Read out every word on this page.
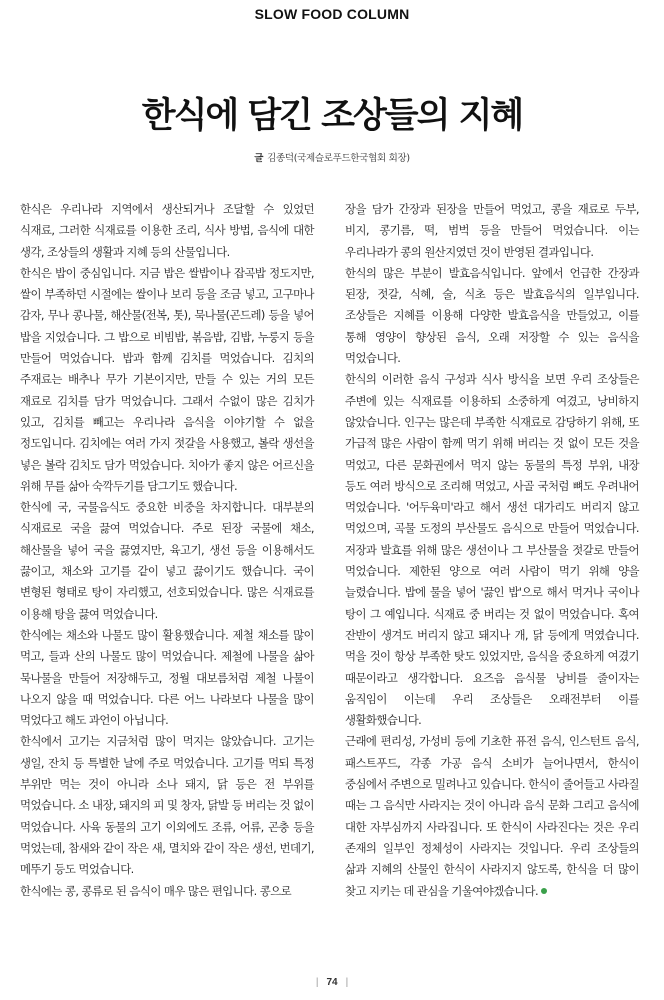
SLOW FOOD COLUMN
한식에 담긴 조상들의 지혜
글 김종덕(국제슬로푸드한국협회 회장)

한식은 우리나라 지역에서 생산되거나 조달할 수 있었던 식재료, 그러한 식재료를 이용한 조리, 식사 방법, 음식에 대한 생각, 조상들의 생활과 지혜 등의 산물입니다.

한식은 밥이 중심입니다. 지금 밥은 쌀밥이나 잡곡밥 정도지만, 쌀이 부족하던 시절에는 쌀이나 보리 등을 조금 넣고, 고구마나 감자, 무나 콩나물, 해산물(전복, 톳), 묵나물(곤드레) 등을 넣어 밥을 지었습니다. 그 밥으로 비빔밥, 볶음밥, 김밥, 누룽지 등을 만들어 먹었습니다. 밥과 함께 김치를 먹었습니다. 김치의 주재료는 배추나 무가 기본이지만, 만들 수 있는 거의 모든 재료로 김치를 담가 먹었습니다. 그래서 수없이 많은 김치가 있고, 김치를 빼고는 우리나라 음식을 이야기할 수 없을 정도입니다. 김치에는 여러 가지 젓갈을 사용했고, 볼락 생선을 넣은 볼락 김치도 담가 먹었습니다. 치아가 좋지 않은 어르신을 위해 무를 삶아 숙깍두기를 담그기도 했습니다.

한식에 국, 국물음식도 중요한 비중을 차지합니다. 대부분의 식재료로 국을 끓여 먹었습니다. 주로 된장 국물에 채소, 해산물을 넣어 국을 끓였지만, 육고기, 생선 등을 이용해서도 끓이고, 채소와 고기를 같이 넣고 끓이기도 했습니다. 국이 변형된 형태로 탕이 자리했고, 선호되었습니다. 많은 식재료를 이용해 탕을 끓여 먹었습니다.

한식에는 채소와 나물도 많이 활용했습니다. 제철 채소를 많이 먹고, 들과 산의 나물도 많이 먹었습니다. 제철에 나물을 삶아 묵나물을 만들어 저장해두고, 정월 대보름처럼 제철 나물이 나오지 않을 때 먹었습니다. 다른 어느 나라보다 나물을 많이 먹었다고 해도 과언이 아닙니다.

한식에서 고기는 지금처럼 많이 먹지는 않았습니다. 고기는 생일, 잔치 등 특별한 날에 주로 먹었습니다. 고기를 먹되 특정 부위만 먹는 것이 아니라 소나 돼지, 닭 등은 전 부위를 먹었습니다. 소 내장, 돼지의 피 및 창자, 닭발 등 버리는 것 없이 먹었습니다. 사육 동물의 고기 이외에도 조류, 어류, 곤충 등을 먹었는데, 참새와 같이 작은 새, 멸치와 같이 작은 생선, 번데기, 메뚜기 등도 먹었습니다.

한식에는 콩, 콩류로 된 음식이 매우 많은 편입니다. 콩으로

장을 담가 간장과 된장을 만들어 먹었고, 콩을 재료로 두부, 비지, 콩기름, 떡, 범벅 등을 만들어 먹었습니다. 이는 우리나라가 콩의 원산지였던 것이 반영된 결과입니다.

한식의 많은 부분이 발효음식입니다. 앞에서 언급한 간장과 된장, 젓갈, 식혜, 술, 식초 등은 발효음식의 일부입니다. 조상들은 지혜를 이용해 다양한 발효음식을 만들었고, 이를 통해 영양이 향상된 음식, 오래 저장할 수 있는 음식을 먹었습니다.

한식의 이러한 음식 구성과 식사 방식을 보면 우리 조상들은 주변에 있는 식재료를 이용하되 소중하게 여겼고, 낭비하지 않았습니다. 인구는 많은데 부족한 식재료로 감당하기 위해, 또 가급적 많은 사람이 함께 먹기 위해 버리는 것 없이 모든 것을 먹었고, 다른 문화권에서 먹지 않는 동물의 특정 부위, 내장 등도 여러 방식으로 조리해 먹었고, 사골 국처럼 뼈도 우려내어 먹었습니다. '어두육미'라고 해서 생선 대가리도 버리지 않고 먹었으며, 곡물 도정의 부산물도 음식으로 만들어 먹었습니다. 저장과 발효를 위해 많은 생선이나 그 부산물을 젓갈로 만들어 먹었습니다. 제한된 양으로 여러 사람이 먹기 위해 양을 늘렸습니다. 밥에 물을 넣어 '끓인 밥'으로 해서 먹거나 국이나 탕이 그 예입니다. 식재료 중 버리는 것 없이 먹었습니다. 혹여 잔반이 생겨도 버리지 않고 돼지나 개, 닭 등에게 먹였습니다. 먹을 것이 항상 부족한 탓도 있었지만, 음식을 중요하게 여겼기 때문이라고 생각합니다. 요즈음 음식물 낭비를 줄이자는 움직임이 이는데 우리 조상들은 오래전부터 이를 생활화했습니다.

근래에 편리성, 가성비 등에 기초한 퓨전 음식, 인스턴트 음식, 패스트푸드, 각종 가공 음식 소비가 늘어나면서, 한식이 중심에서 주변으로 밀려나고 있습니다. 한식이 줄어들고 사라질 때는 그 음식만 사라지는 것이 아니라 음식 문화 그리고 음식에 대한 자부심까지 사라집니다. 또 한식이 사라진다는 것은 우리 존재의 일부인 정체성이 사라지는 것입니다. 우리 조상들의 삶과 지혜의 산물인 한식이 사라지지 않도록, 한식을 더 많이 찾고 지키는 데 관심을 기울여야겠습니다.

| 74 |
